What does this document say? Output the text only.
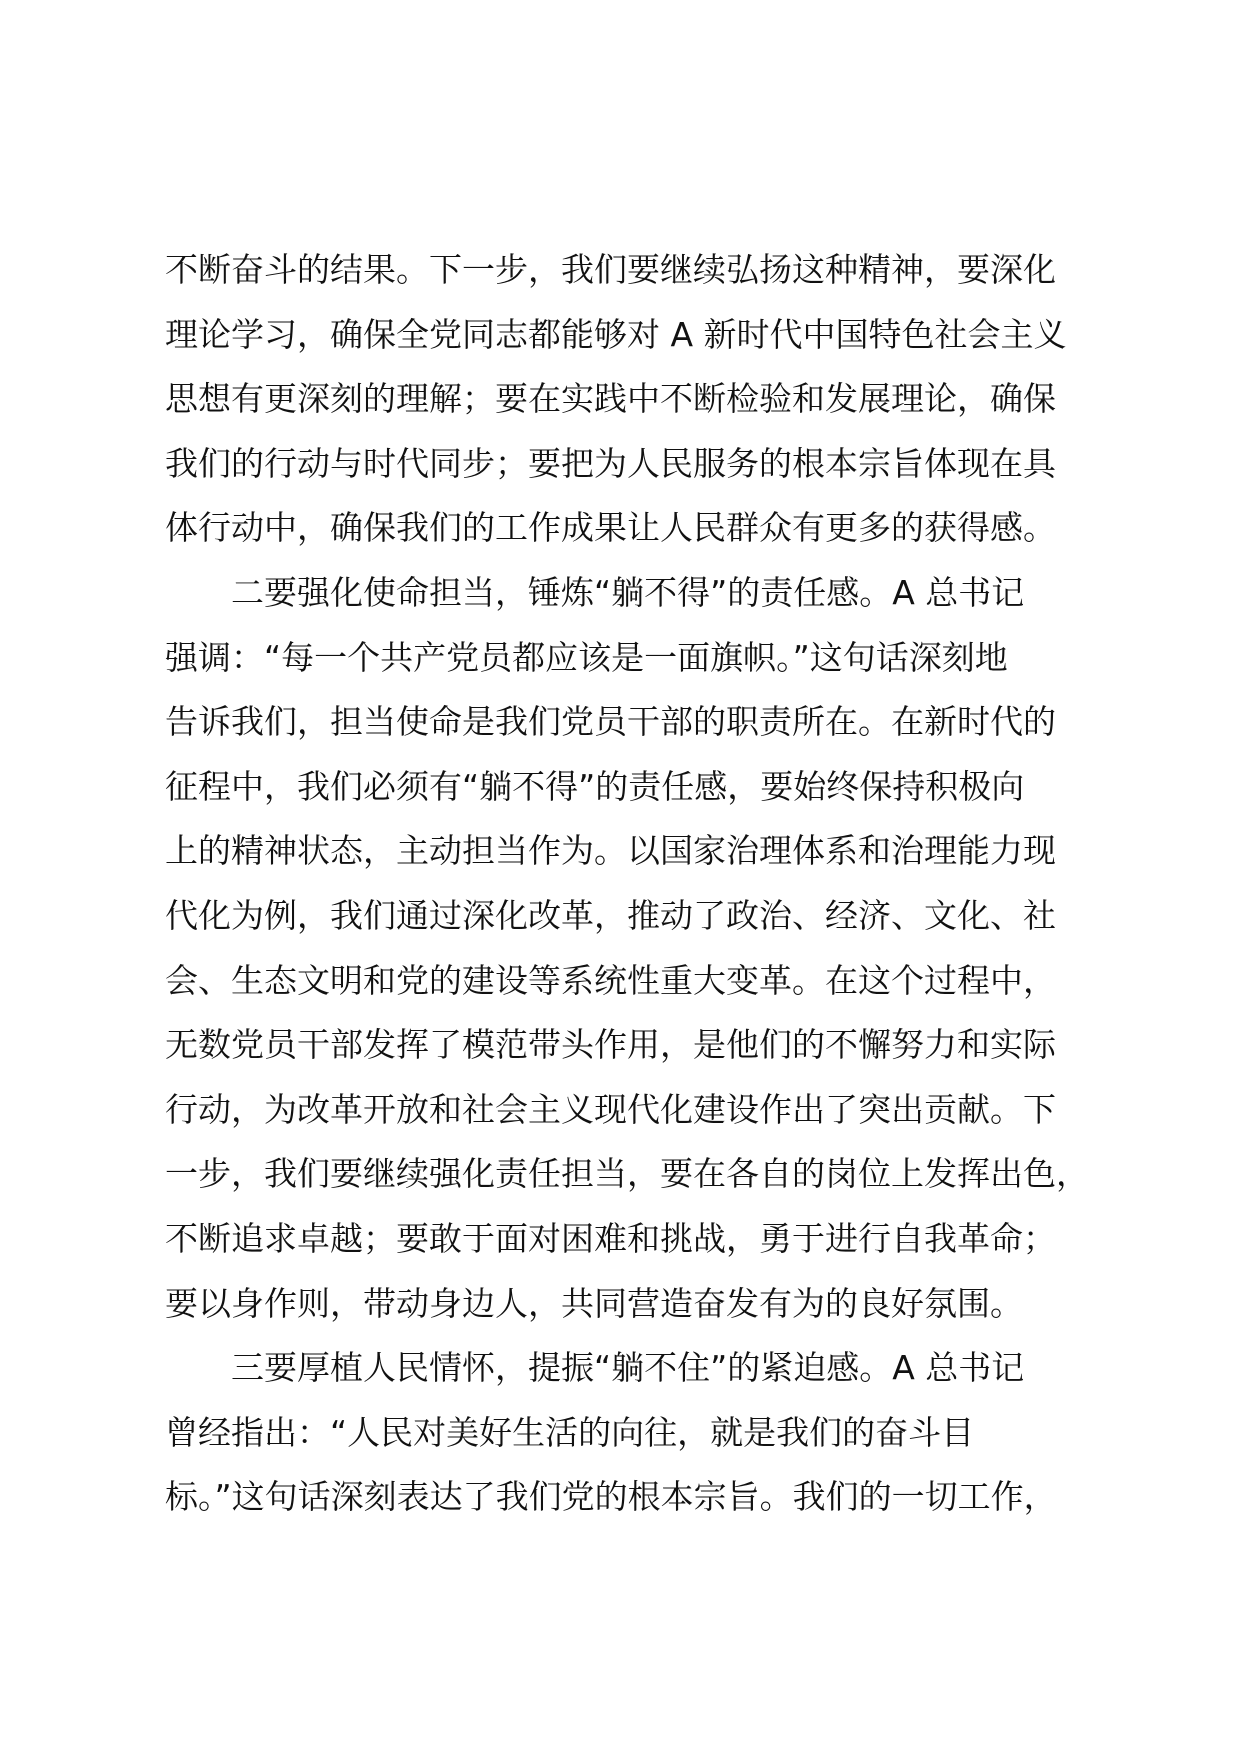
不断奋斗的结果。下一步，我们要继续弘扬这种精神，要深化
理论学习，确保全党同志都能够对 A 新时代中国特色社会主义
思想有更深刻的理解；要在实践中不断检验和发展理论，确保
我们的行动与时代同步；要把为人民服务的根本宗旨体现在具
体行动中，确保我们的工作成果让人民群众有更多的获得感。
二要强化使命担当，锤炼“躺不得”的责任感。A 总书记
强调：“每一个共产党员都应该是一面旗帜。”这句话深刻地
告诉我们，担当使命是我们党员干部的职责所在。在新时代的
征程中，我们必须有“躺不得”的责任感，要始终保持积极向
上的精神状态，主动担当作为。以国家治理体系和治理能力现
代化为例，我们通过深化改革，推动了政治、经济、文化、社
会、生态文明和党的建设等系统性重大变革。在这个过程中，
无数党员干部发挥了模范带头作用，是他们的不懈努力和实际
行动，为改革开放和社会主义现代化建设作出了突出贡献。下
一步，我们要继续强化责任担当，要在各自的岗位上发挥出色，
不断追求卓越；要敢于面对困难和挑战，勇于进行自我革命；
要以身作则，带动身边人，共同营造奋发有为的良好氛围。
三要厚植人民情怀，提振“躺不住”的紧迫感。A 总书记
曾经指出：“人民对美好生活的向往，就是我们的奋斗目
标。”这句话深刻表达了我们党的根本宗旨。我们的一切工作，
